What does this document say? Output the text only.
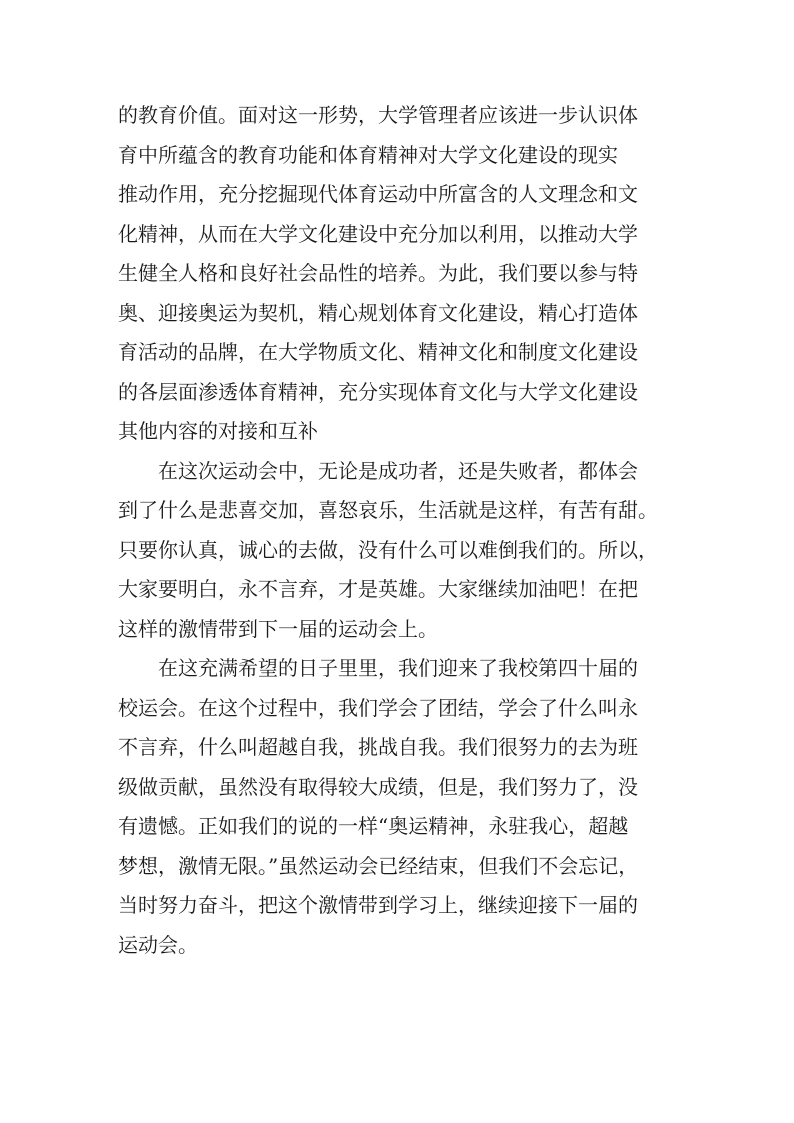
的教育价值。面对这一形势，大学管理者应该进一步认识体
育中所蕴含的教育功能和体育精神对大学文化建设的现实
推动作用，充分挖掘现代体育运动中所富含的人文理念和文
化精神，从而在大学文化建设中充分加以利用，以推动大学
生健全人格和良好社会品性的培养。为此，我们要以参与特
奥、迎接奥运为契机，精心规划体育文化建设，精心打造体
育活动的品牌，在大学物质文化、精神文化和制度文化建设
的各层面渗透体育精神，充分实现体育文化与大学文化建设
其他内容的对接和互补
在这次运动会中，无论是成功者，还是失败者，都体会
到了什么是悲喜交加，喜怒哀乐，生活就是这样，有苦有甜。
只要你认真，诚心的去做，没有什么可以难倒我们的。所以，
大家要明白，永不言弃，才是英雄。大家继续加油吧！在把
这样的激情带到下一届的运动会上。
在这充满希望的日子里里，我们迎来了我校第四十届的
校运会。在这个过程中，我们学会了团结，学会了什么叫永
不言弃，什么叫超越自我，挑战自我。我们很努力的去为班
级做贡献，虽然没有取得较大成绩，但是，我们努力了，没
有遗憾。正如我们的说的一样“奥运精神，永驻我心，超越
梦想，激情无限。”虽然运动会已经结束，但我们不会忘记，
当时努力奋斗，把这个激情带到学习上，继续迎接下一届的
运动会。
